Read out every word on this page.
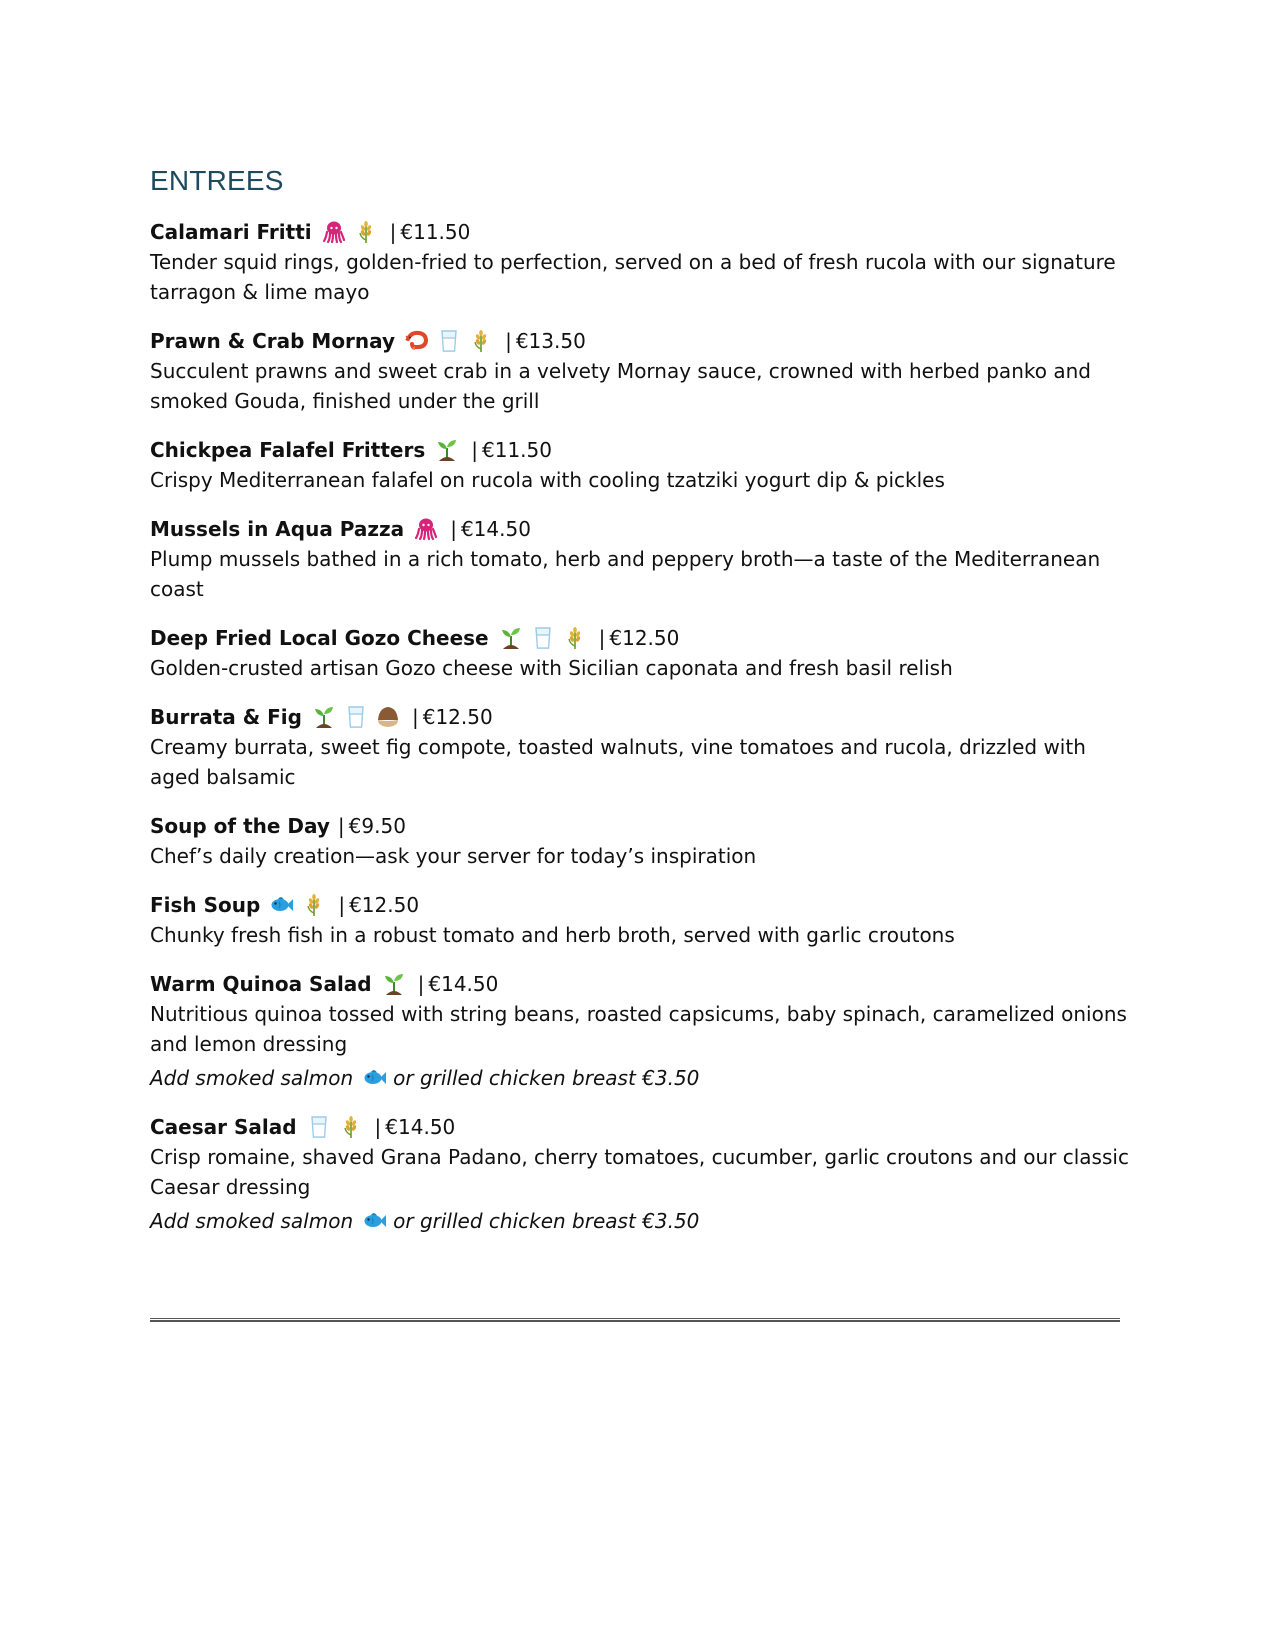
ENTREES
Calamari Fritti	| €11.50

Tender squid rings, golden-fried to perfection, served on a bed of fresh rucola with our signature tarragon & lime mayo

Prawn & Crab Mornay	| €13.50

Succulent prawns and sweet crab in a velvety Mornay sauce, crowned with herbed panko and smoked Gouda, finished under the grill

Chickpea Falafel Fritters | €11.50

Crispy Mediterranean falafel on rucola with cooling tzatziki yogurt dip & pickles

Mussels in Aqua Pazza | €14.50

Plump mussels bathed in a rich tomato, herb and peppery broth—a taste of the Mediterranean coast

Deep Fried Local Gozo Cheese	| €12.50

Golden-crusted artisan Gozo cheese with Sicilian caponata and fresh basil relish

Burrata & Fig	| €12.50

Creamy burrata, sweet fig compote, toasted walnuts, vine tomatoes and rucola, drizzled with aged balsamic

Soup of the Day | €9.50

Chef’s daily creation—ask your server for today’s inspiration

Fish Soup	| €12.50

Chunky fresh fish in a robust tomato and herb broth, served with garlic croutons

Warm Quinoa Salad | €14.50

Nutritious quinoa tossed with string beans, roasted capsicums, baby spinach, caramelized onions and lemon dressing

Add smoked salmon or grilled chicken breast €3.50
Caesar Salad	| €14.50

Crisp romaine, shaved Grana Padano, cherry tomatoes, cucumber, garlic croutons and our classic Caesar dressing

Add smoked salmon or grilled chicken breast €3.50
